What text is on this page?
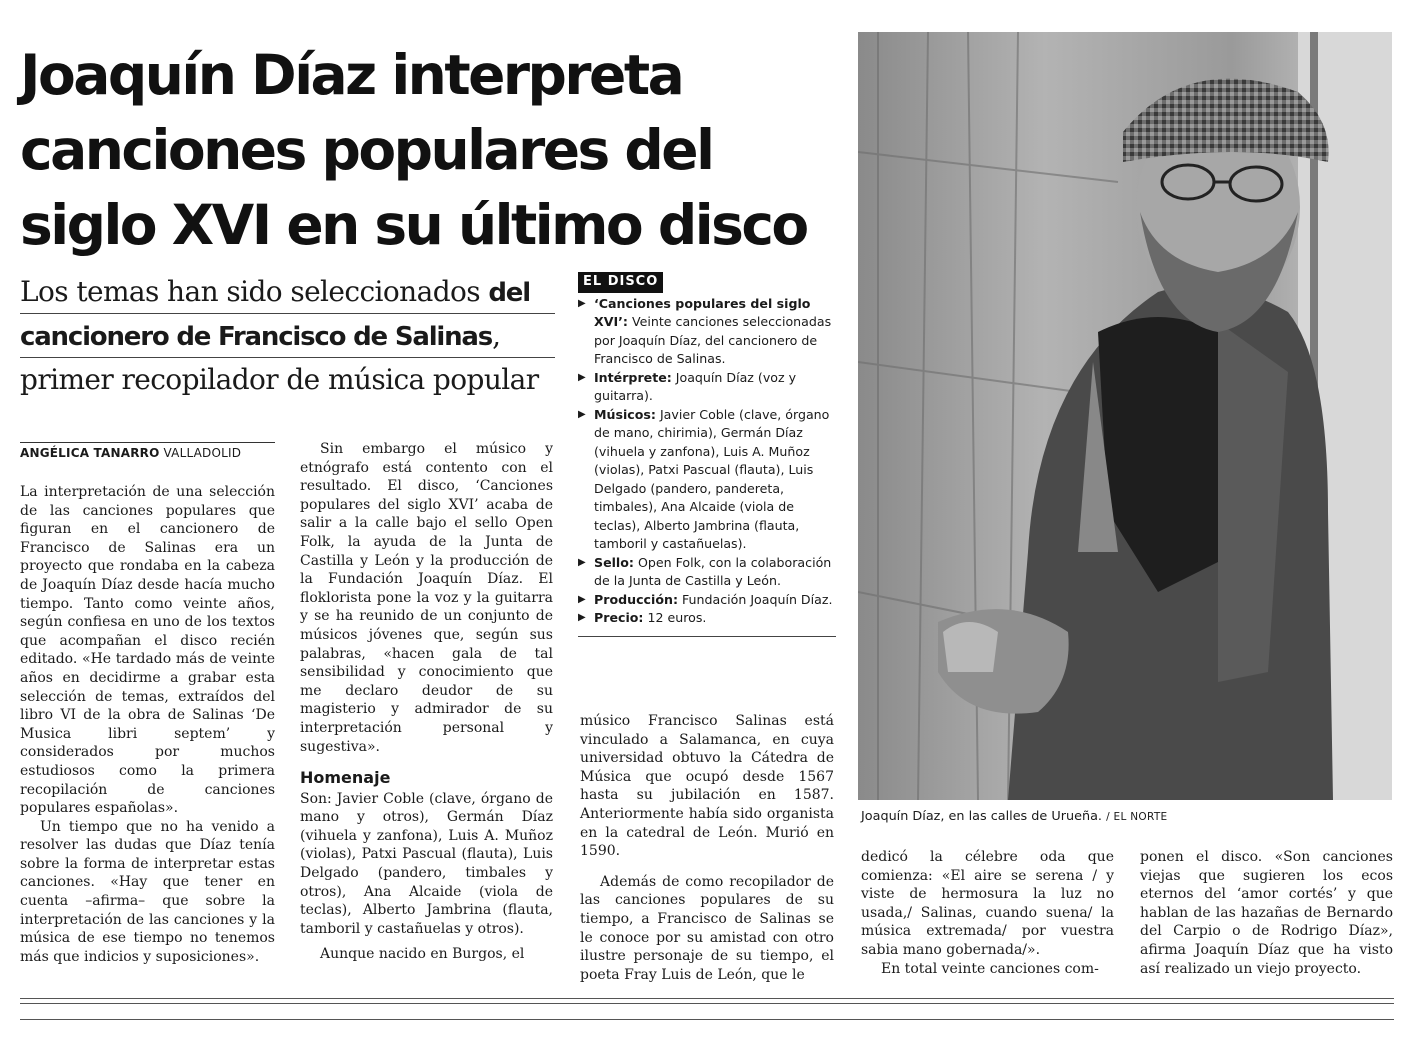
Joaquín Díaz interpreta
canciones populares del
siglo XVI en su último disco
Los temas han sido seleccionados del
cancionero de Francisco de Salinas,
primer recopilador de música popular
ANGÉLICA TANARRO VALLADOLID

La interpretación de una selección de las canciones populares que figuran en el cancionero de Francisco de Salinas era un proyecto que rondaba en la cabeza de Joaquín Díaz desde hacía mucho tiempo. Tanto como veinte años, según confiesa en uno de los textos que acompañan el disco recién editado. «He tardado más de veinte años en decidirme a grabar esta selección de temas, extraídos del libro VI de la obra de Salinas ‘De Musica libri septem’ y considerados por muchos estudiosos como la primera recopilación de canciones populares españolas».

Un tiempo que no ha venido a resolver las dudas que Díaz tenía sobre la forma de interpretar estas canciones. «Hay que tener en cuenta –afirma– que sobre la interpretación de las canciones y la música de ese tiempo no tenemos más que indicios y suposiciones».

Sin embargo el músico y etnógrafo está contento con el resultado. El disco, ‘Canciones populares del siglo XVI’ acaba de salir a la calle bajo el sello Open Folk, la ayuda de la Junta de Castilla y León y la producción de la Fundación Joaquín Díaz. El floklorista pone la voz y la guitarra y se ha reunido de un conjunto de músicos jóvenes que, según sus palabras, «hacen gala de tal sensibilidad y conocimiento que me declaro deudor de su magisterio y admirador de su interpretación personal y sugestiva».

Homenaje

Son: Javier Coble (clave, órgano de mano y otros), Germán Díaz (vihuela y zanfona), Luis A. Muñoz (violas), Patxi Pascual (flauta), Luis Delgado (pandero, timbales y otros), Ana Alcaide (viola de teclas), Alberto Jambrina (flauta, tamboril y castañuelas y otros).

Aunque nacido en Burgos, el

EL DISCO
▶ ‘Canciones populares del siglo XVI’: Veinte canciones seleccionadas por Joaquín Díaz, del cancionero de Francisco de Salinas.
▶ Intérprete: Joaquín Díaz (voz y guitarra).
▶ Músicos: Javier Coble (clave, órgano de mano, chirimia), Germán Díaz (vihuela y zanfona), Luis A. Muñoz (violas), Patxi Pascual (flauta), Luis Delgado (pandero, pandereta, timbales), Ana Alcaide (viola de teclas), Alberto Jambrina (flauta, tamboril y castañuelas).
▶ Sello: Open Folk, con la colaboración de la Junta de Castilla y León.
▶ Producción: Fundación Joaquín Díaz.
▶ Precio: 12 euros.

músico Francisco Salinas está vinculado a Salamanca, en cuya universidad obtuvo la Cátedra de Música que ocupó desde 1567 hasta su jubilación en 1587. Anteriormente había sido organista en la catedral de León. Murió en 1590.

Además de como recopilador de las canciones populares de su tiempo, a Francisco de Salinas se le conoce por su amistad con otro ilustre personaje de su tiempo, el poeta Fray Luis de León, que le

Joaquín Díaz, en las calles de Urueña. / EL NORTE

dedicó la célebre oda que comienza: «El aire se serena / y viste de hermosura la luz no usada,/ Salinas, cuando suena/ la música extremada/ por vuestra sabia mano gobernada/».

En total veinte canciones com-

ponen el disco. «Son canciones viejas que sugieren los ecos eternos del ‘amor cortés’ y que hablan de las hazañas de Bernardo del Carpio o de Rodrigo Díaz», afirma Joaquín Díaz que ha visto así realizado un viejo proyecto.
